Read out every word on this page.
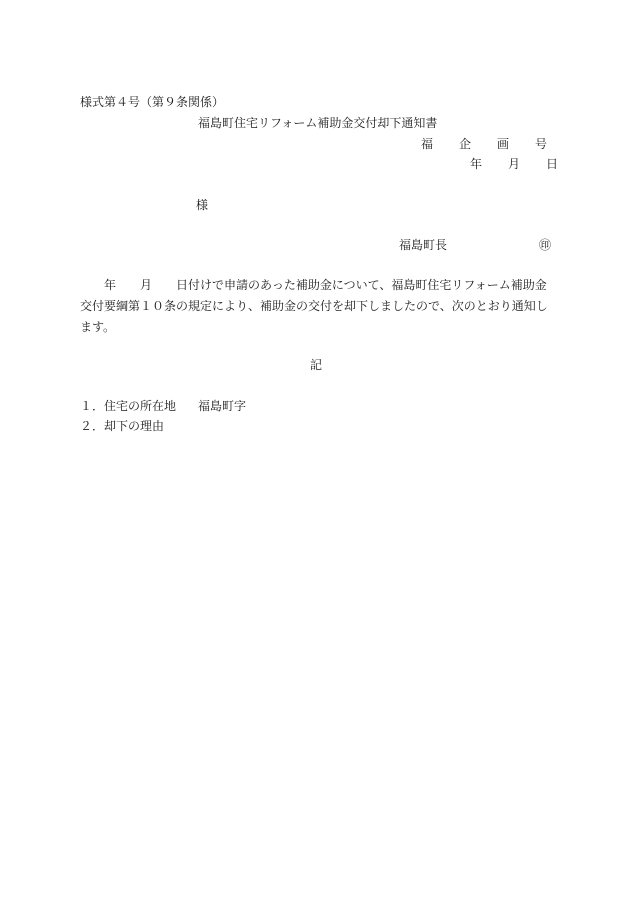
様式第４号（第９条関係）
福島町住宅リフォーム補助金交付却下通知書
福 企 画 号
年 月 日
様
福島町長	㊞
　　年　　月　　日付けで申請のあった補助金について、福島町住宅リフォーム補助金交付要綱第１０条の規定により、補助金の交付を却下しましたので、次のとおり通知します。
記
１．住宅の所在地 福島町字
２．却下の理由
